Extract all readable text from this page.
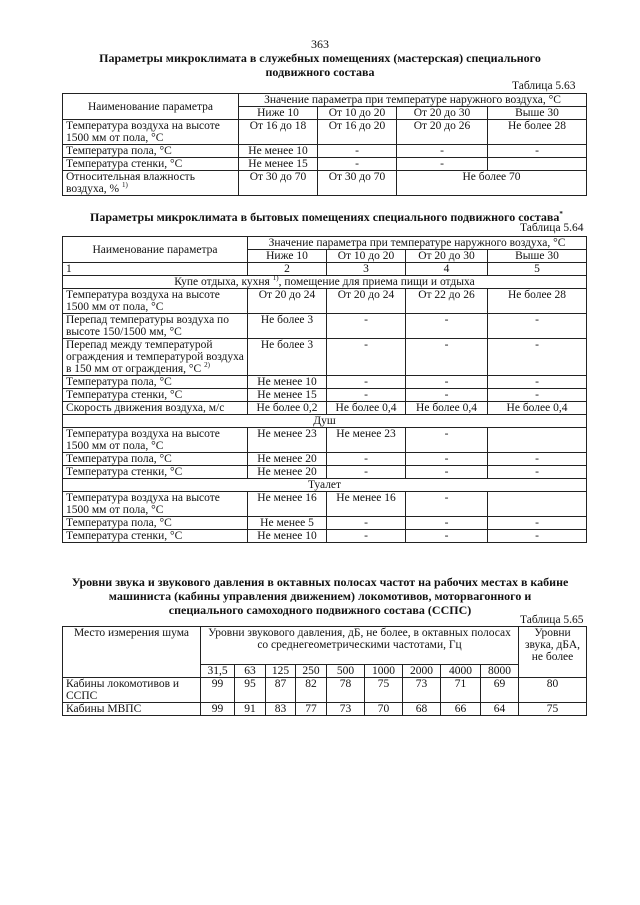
363
Параметры микроклимата в служебных помещениях (мастерская) специального подвижного состава
Таблица 5.63
Наименование параметра	Значение параметра при температуре наружного воздуха, °С			
	Ниже 10	От 10 до 20	От 20 до 30	Выше 30
Температура воздуха на высоте 1500 мм от пола, °С	От 16 до 18	От 16 до 20	От 20 до 26	Не более 28
Температура пола, °С	Не менее 10	-	-	-
Температура стенки, °С	Не менее 15	-	-	
Относительная влажность воздуха, % $^{1)}$	От 30 до 70	От 30 до 70	Не более 70	
Параметры микроклимата в бытовых помещениях специального подвижного состава*
Таблица 5.64
Наименование параметра	Значение параметра при температуре наружного воздуха, °С			
	Ниже 10	От 10 до 20	От 20 до 30	Выше 30
1	2	3	4	5
Купе отдыха, кухня $^{1)}$, помещение для приема пищи и отдыха				
Температура воздуха на высоте 1500 мм от пола, °С	От 20 до 24	От 20 до 24	От 22 до 26	Не более 28
Перепад температуры воздуха по высоте 150/1500 мм, °С	Не более 3	-	-	-
Перепад между температурой ограждения и температурой воздуха в 150 мм от ограждения, °С $^{2)}$	Не более 3	-	-	-
Температура пола, °С	Не менее 10	-	-	-
Температура стенки, °С	Не менее 15	-	-	-
Скорость движения воздуха, м/с	Не более 0,2	Не более 0,4	Не более 0,4	Не более 0,4
Душ				
Температура воздуха на высоте 1500 мм от пола, °С	Не менее 23	Не менее 23	-	
Температура пола, °С	Не менее 20	-	-	-
Температура стенки, °С	Не менее 20	-	-	-
Туалет				
Температура воздуха на высоте 1500 мм от пола, °С	Не менее 16	Не менее 16	-	
Температура пола, °С	Не менее 5	-	-	-
Температура стенки, °С	Не менее 10	-	-	-
Уровни звука и звукового давления в октавных полосах частот на рабочих местах в кабине машиниста (кабины управления движением) локомотивов, моторвагонного и специального самоходного подвижного состава (ССПС)
Таблица 5.65
Место измерения шума	Уровни звукового давления, дБ, не более, в октавных полосах со среднегеометрическими частотами, Гц									Уровни звука, дБА, не более
	31,5	63	125	250	500	1000	2000	4000	8000	
Кабины локомотивов и ССПС	99	95	87	82	78	75	73	71	69	80
Кабины МВПС	99	91	83	77	73	70	68	66	64	75
